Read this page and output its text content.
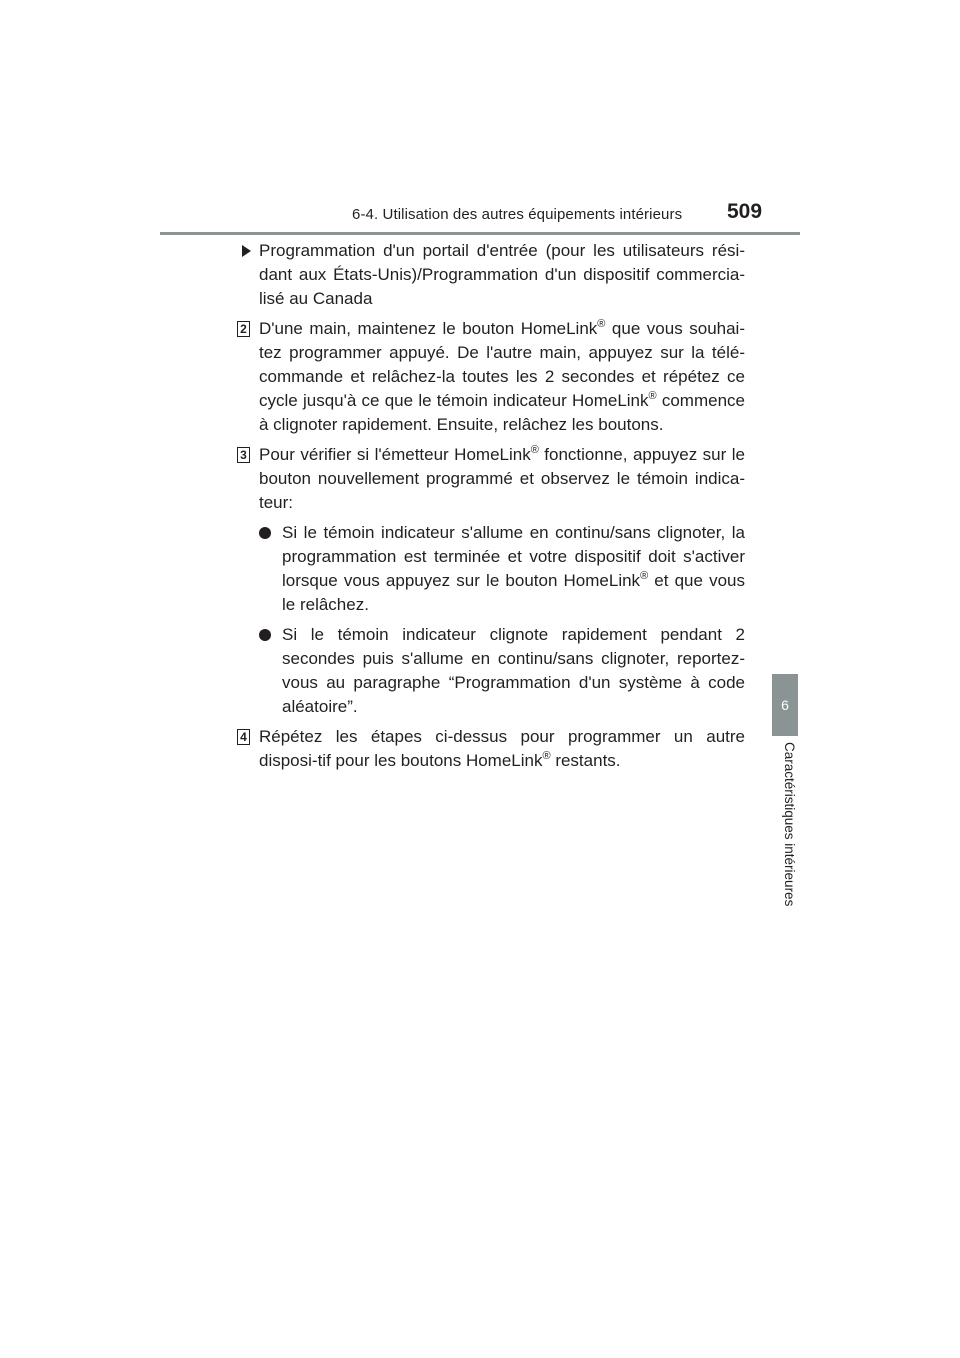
6-4. Utilisation des autres équipements intérieurs 509
6
Caractéristiques intérieures

Programmation d'un portail d'entrée (pour les utilisateurs rési-dant aux États-Unis)/Programmation d'un dispositif commercia-lisé au Canada

2 D'une main, maintenez le bouton HomeLink® que vous souhai-tez programmer appuyé. De l'autre main, appuyez sur la télé-commande et relâchez-la toutes les 2 secondes et répétez ce cycle jusqu'à ce que le témoin indicateur HomeLink® commence à clignoter rapidement. Ensuite, relâchez les boutons.

3 Pour vérifier si l'émetteur HomeLink® fonctionne, appuyez sur le bouton nouvellement programmé et observez le témoin indica-teur:

Si le témoin indicateur s'allume en continu/sans clignoter, la programmation est terminée et votre dispositif doit s'activer lorsque vous appuyez sur le bouton HomeLink® et que vous le relâchez.

Si le témoin indicateur clignote rapidement pendant 2 secondes puis s'allume en continu/sans clignoter, reportez-vous au paragraphe “Programmation d'un système à code aléatoire”.

4 Répétez les étapes ci-dessus pour programmer un autre disposi-tif pour les boutons HomeLink® restants.
